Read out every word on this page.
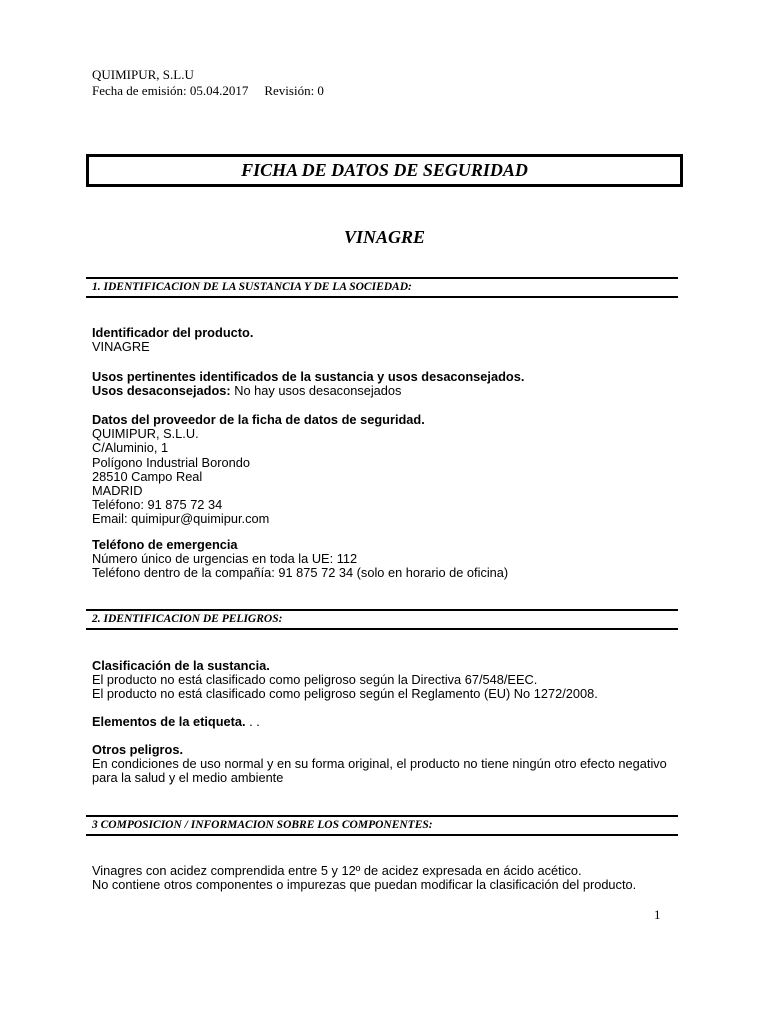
QUIMIPUR, S.L.U
Fecha de emisión: 05.04.2017 Revisión: 0
FICHA DE DATOS DE SEGURIDAD
VINAGRE
1. IDENTIFICACION DE LA SUSTANCIA Y DE LA SOCIEDAD:
Identificador del producto.
VINAGRE
Usos pertinentes identificados de la sustancia y usos desaconsejados.
Usos desaconsejados: No hay usos desaconsejados
Datos del proveedor de la ficha de datos de seguridad.
QUIMIPUR, S.L.U.
C/Aluminio, 1
Polígono Industrial Borondo
28510 Campo Real
MADRID
Teléfono: 91 875 72 34
Email: quimipur@quimipur.com
Teléfono de emergencia
Número único de urgencias en toda la UE: 112
Teléfono dentro de la compañía: 91 875 72 34 (solo en horario de oficina)
2. IDENTIFICACION DE PELIGROS:
Clasificación de la sustancia.
El producto no está clasificado como peligroso según la Directiva 67/548/EEC.
El producto no está clasificado como peligroso según el Reglamento (EU) No 1272/2008.
Elementos de la etiqueta. . .
Otros peligros.
En condiciones de uso normal y en su forma original, el producto no tiene ningún otro efecto negativo
para la salud y el medio ambiente
3 COMPOSICION / INFORMACION SOBRE LOS COMPONENTES:
Vinagres con acidez comprendida entre 5 y 12º de acidez expresada en ácido acético.
No contiene otros componentes o impurezas que puedan modificar la clasificación del producto.
1
